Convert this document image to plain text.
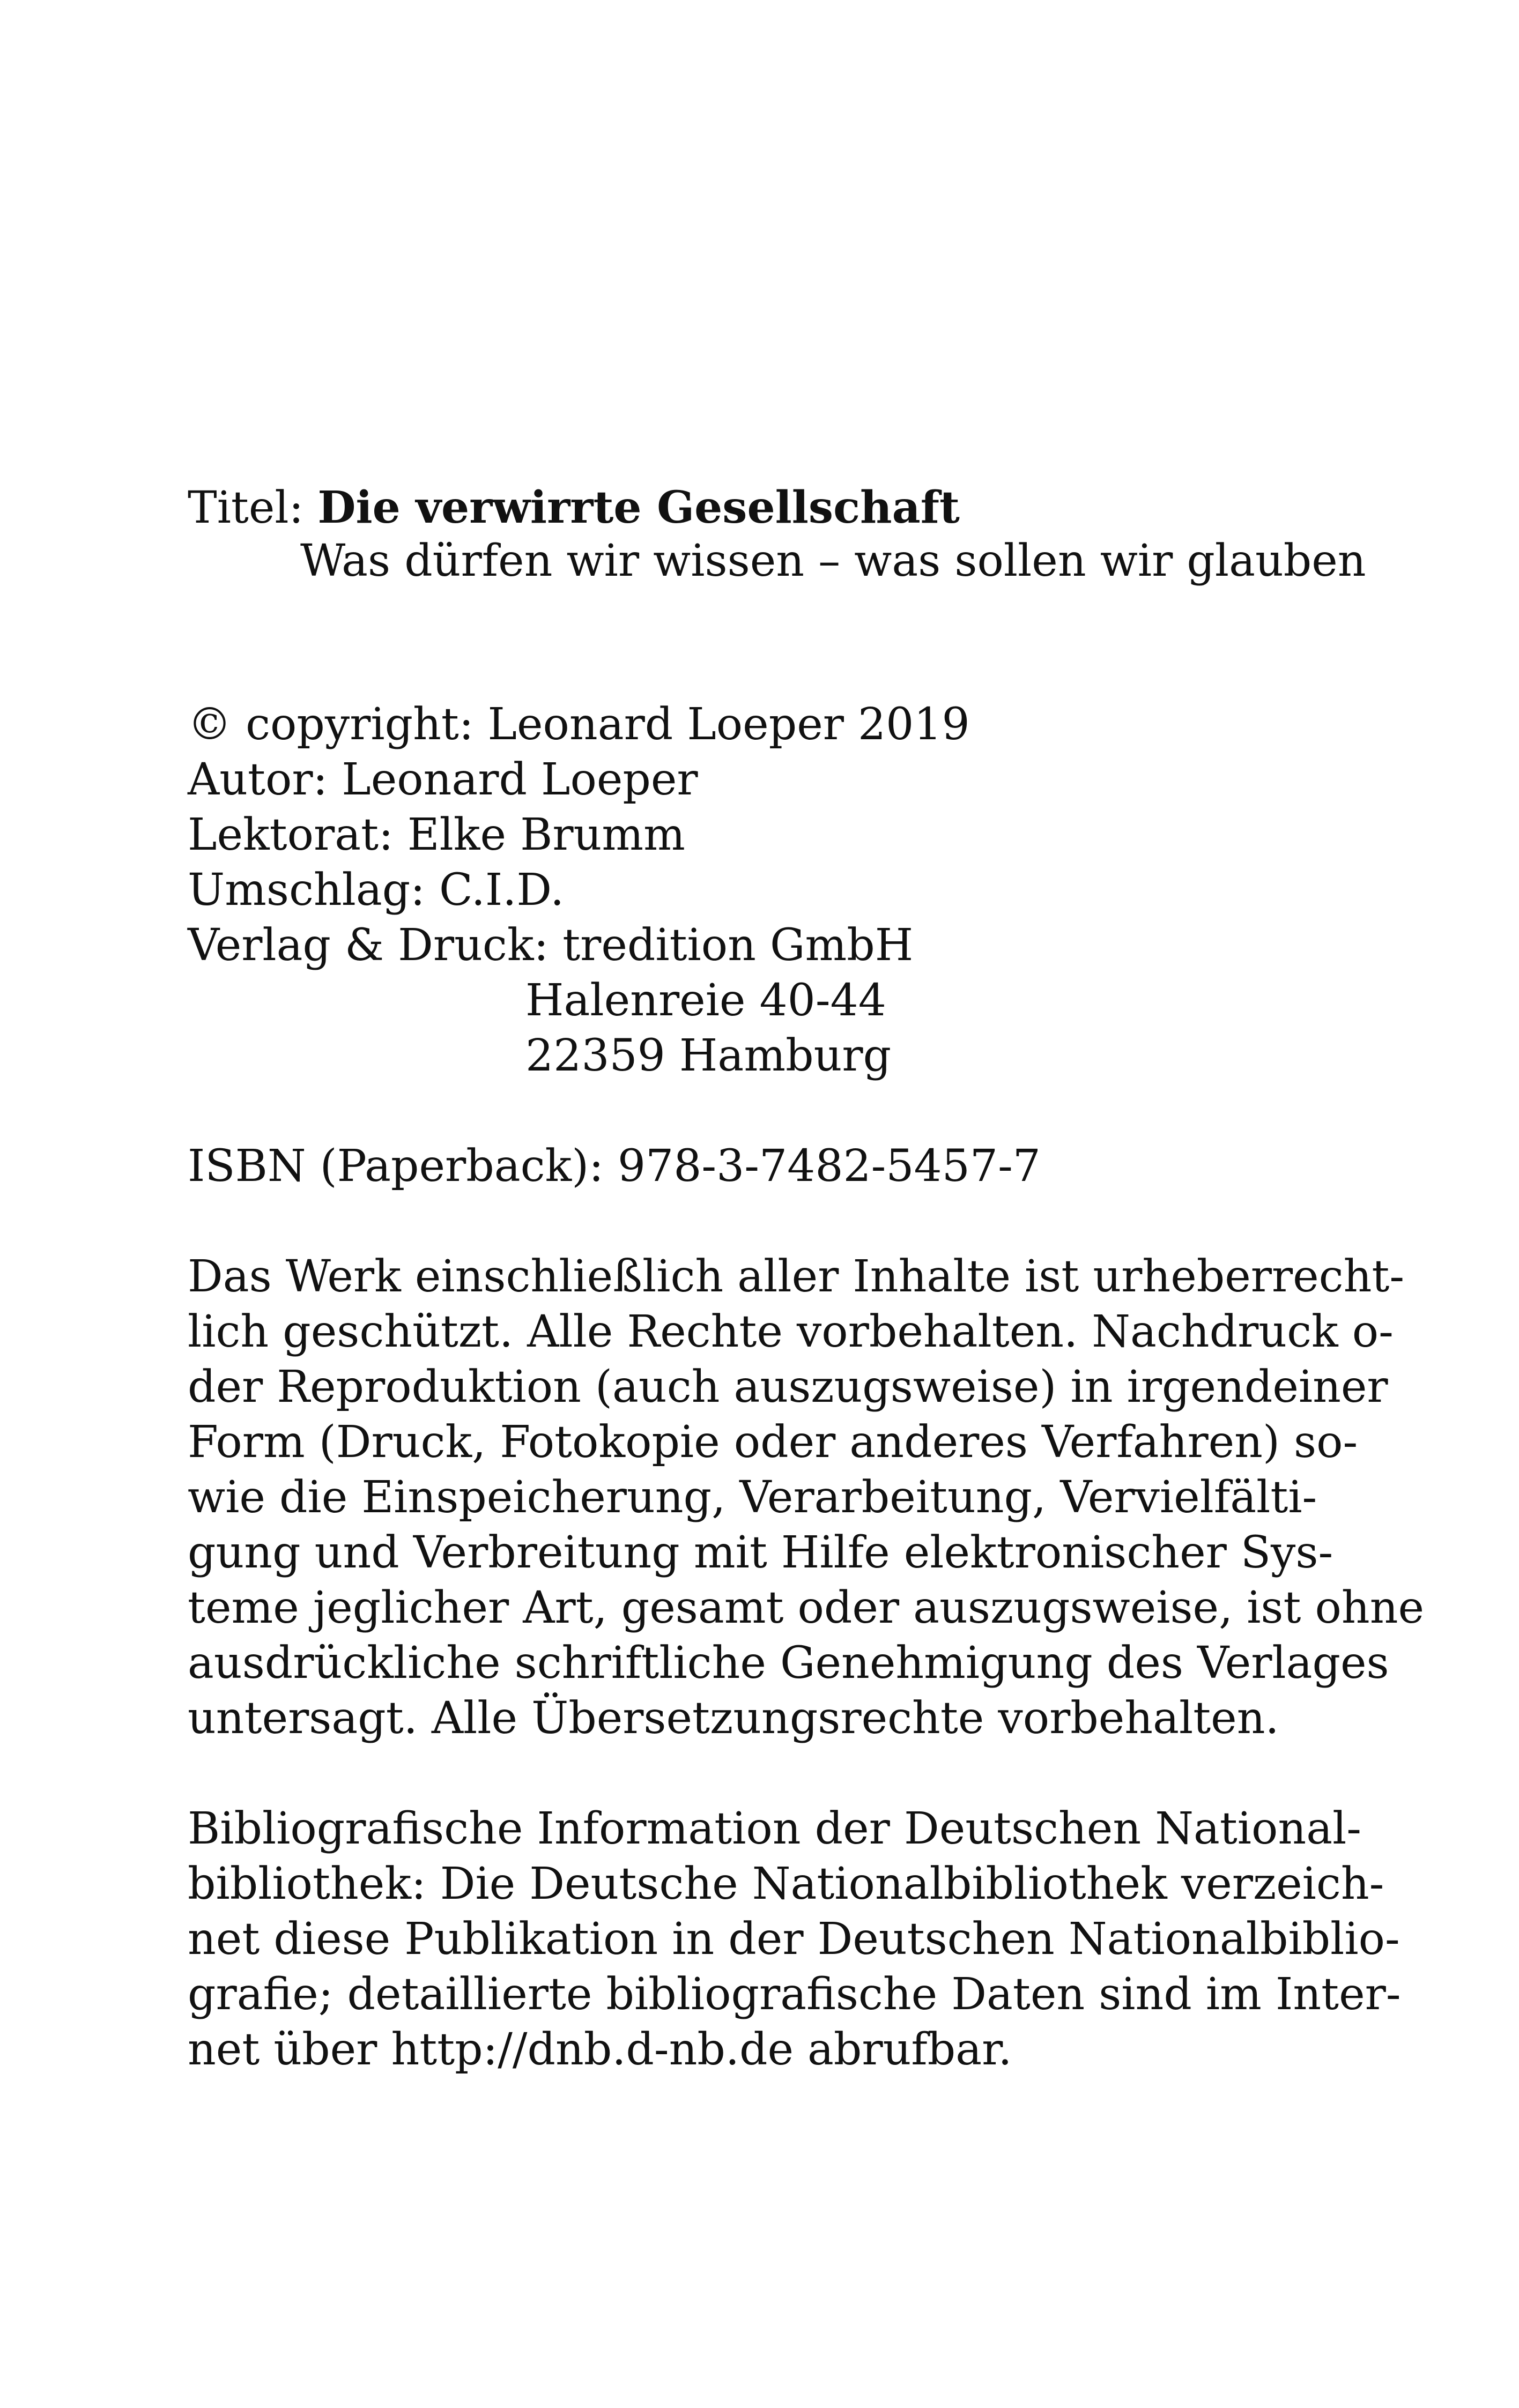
Titel: Die verwirrte Gesellschaft
Was dürfen wir wissen – was sollen wir glauben
© copyright: Leonard Loeper 2019
Autor: Leonard Loeper
Lektorat: Elke Brumm
Umschlag: C.I.D.
Verlag & Druck: tredition GmbH
Halenreie 40-44
22359 Hamburg
ISBN (Paperback): 978-3-7482-5457-7
Das Werk einschließlich aller Inhalte ist urheberrecht-
lich geschützt. Alle Rechte vorbehalten. Nachdruck o-
der Reproduktion (auch auszugsweise) in irgendeiner
Form (Druck, Fotokopie oder anderes Verfahren) so-
wie die Einspeicherung, Verarbeitung, Vervielfälti-
gung und Verbreitung mit Hilfe elektronischer Sys-
teme jeglicher Art, gesamt oder auszugsweise, ist ohne
ausdrückliche schriftliche Genehmigung des Verlages
untersagt. Alle Übersetzungsrechte vorbehalten.
Bibliografische Information der Deutschen National-
bibliothek: Die Deutsche Nationalbibliothek verzeich-
net diese Publikation in der Deutschen Nationalbiblio-
grafie; detaillierte bibliografische Daten sind im Inter-
net über http://dnb.d-nb.de abrufbar.
